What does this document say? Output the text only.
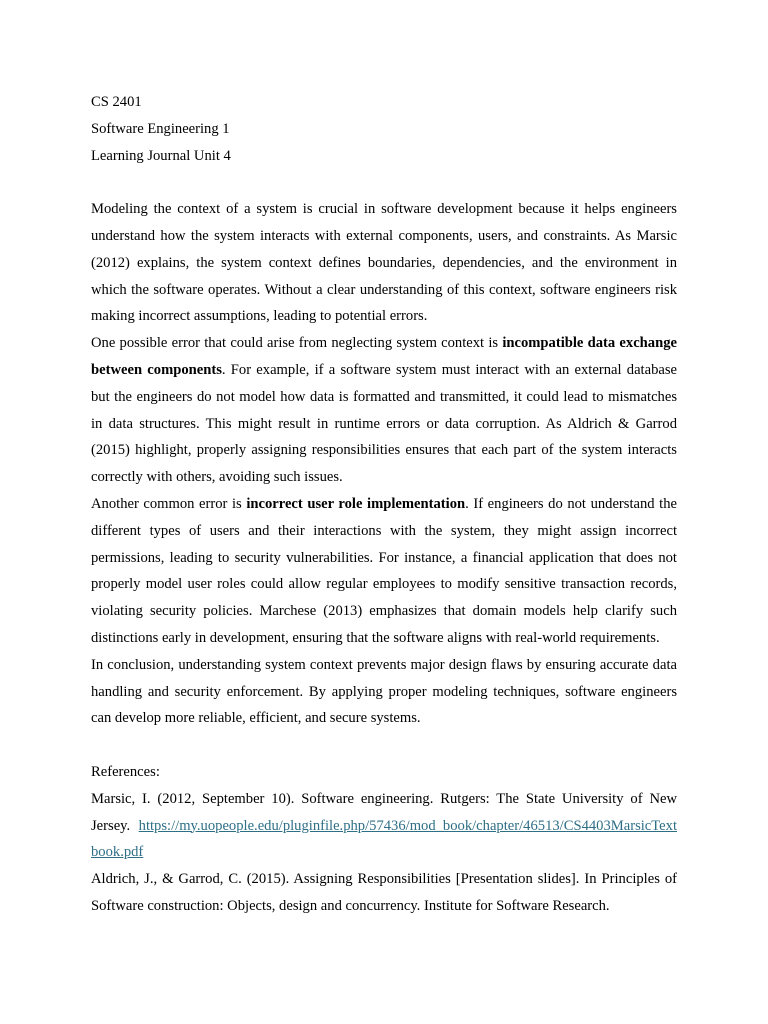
CS 2401

Software Engineering 1

Learning Journal Unit 4

Modeling the context of a system is crucial in software development because it helps engineers understand how the system interacts with external components, users, and constraints. As Marsic (2012) explains, the system context defines boundaries, dependencies, and the environment in which the software operates. Without a clear understanding of this context, software engineers risk making incorrect assumptions, leading to potential errors.

One possible error that could arise from neglecting system context is incompatible data exchange between components. For example, if a software system must interact with an external database but the engineers do not model how data is formatted and transmitted, it could lead to mismatches in data structures. This might result in runtime errors or data corruption. As Aldrich & Garrod (2015) highlight, properly assigning responsibilities ensures that each part of the system interacts correctly with others, avoiding such issues.

Another common error is incorrect user role implementation. If engineers do not understand the different types of users and their interactions with the system, they might assign incorrect permissions, leading to security vulnerabilities. For instance, a financial application that does not properly model user roles could allow regular employees to modify sensitive transaction records, violating security policies. Marchese (2013) emphasizes that domain models help clarify such distinctions early in development, ensuring that the software aligns with real-world requirements.

In conclusion, understanding system context prevents major design flaws by ensuring accurate data handling and security enforcement. By applying proper modeling techniques, software engineers can develop more reliable, efficient, and secure systems.

References:

Marsic, I. (2012, September 10). Software engineering. Rutgers: The State University of New Jersey. https://my.uopeople.edu/pluginfile.php/57436/mod_book/chapter/46513/CS4403MarsicTextbook.pdf

Aldrich, J., & Garrod, C. (2015). Assigning Responsibilities [Presentation slides]. In Principles of Software construction: Objects, design and concurrency. Institute for Software Research.
